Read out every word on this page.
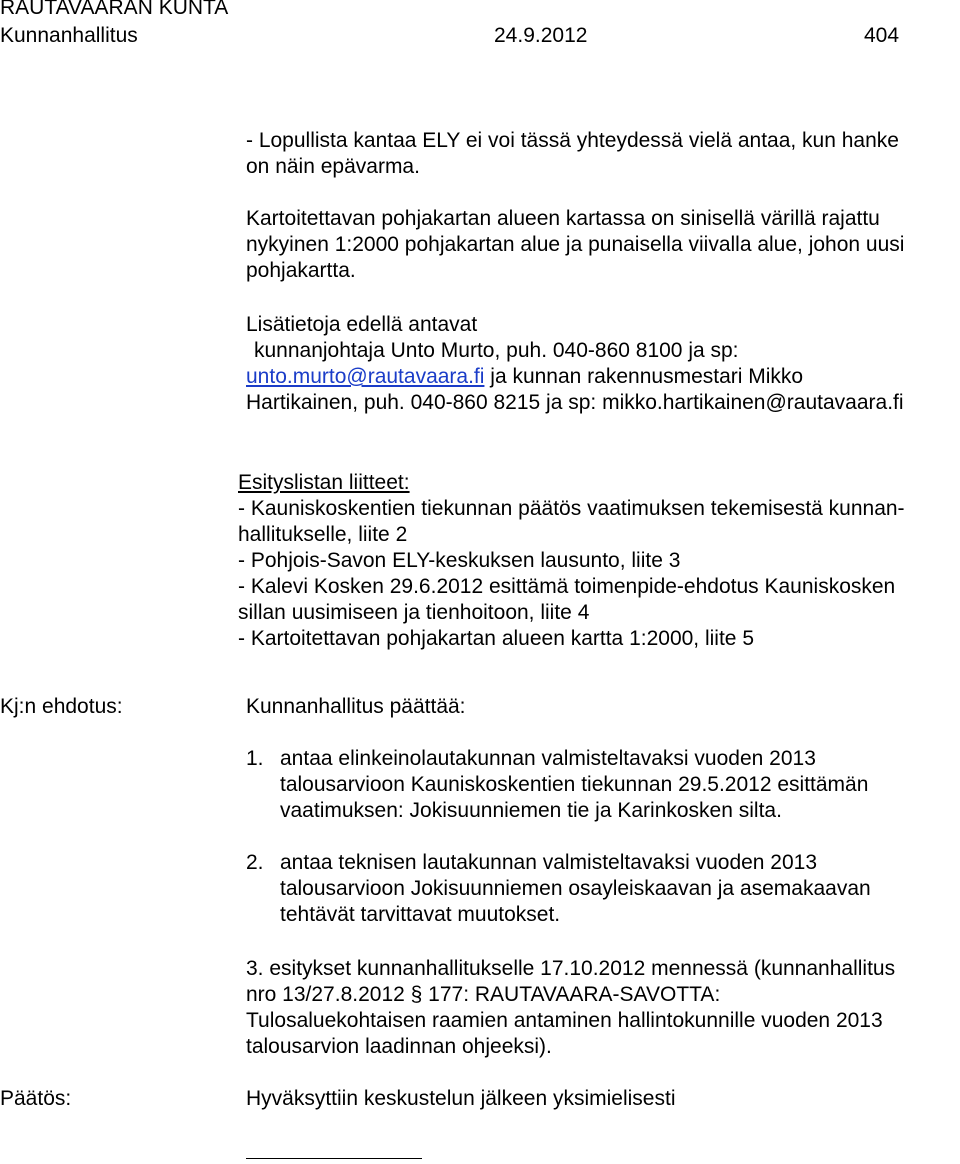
RAUTAVAARAN KUNTA
Kunnanhallitus	24.9.2012	404
- Lopullista kantaa ELY ei voi tässä yhteydessä vielä antaa, kun hanke
on näin epävarma.
Kartoitettavan pohjakartan alueen kartassa on sinisellä värillä rajattu
nykyinen 1:2000 pohjakartan alue ja punaisella viivalla alue, johon uusi
pohjakartta.
Lisätietoja edellä antavat
kunnanjohtaja Unto Murto, puh. 040-860 8100 ja sp:
unto.murto@rautavaara.fi ja kunnan rakennusmestari Mikko
Hartikainen, puh. 040-860 8215 ja sp: mikko.hartikainen@rautavaara.fi
Esityslistan liitteet:
- Kauniskoskentien tiekunnan päätös vaatimuksen tekemisestä kunnan-
hallitukselle, liite 2
- Pohjois-Savon ELY-keskuksen lausunto, liite 3
- Kalevi Kosken 29.6.2012 esittämä toimenpide-ehdotus Kauniskosken
sillan uusimiseen ja tienhoitoon, liite 4
- Kartoitettavan pohjakartan alueen kartta 1:2000, liite 5
Kj:n ehdotus:	Kunnanhallitus päättää:
1. antaa elinkeinolautakunnan valmisteltavaksi vuoden 2013
talousarvioon Kauniskoskentien tiekunnan 29.5.2012 esittämän
vaatimuksen: Jokisuunniemen tie ja Karinkosken silta.
2. antaa teknisen lautakunnan valmisteltavaksi vuoden 2013
talousarvioon Jokisuunniemen osayleiskaavan ja asemakaavan
tehtävät tarvittavat muutokset.
3. esitykset kunnanhallitukselle 17.10.2012 mennessä (kunnanhallitus
nro 13/27.8.2012 § 177: RAUTAVAARA-SAVOTTA:
Tulosaluekohtaisen raamien antaminen hallintokunnille vuoden 2013
talousarvion laadinnan ohjeeksi).
Päätös:	Hyväksyttiin keskustelun jälkeen yksimielisesti
